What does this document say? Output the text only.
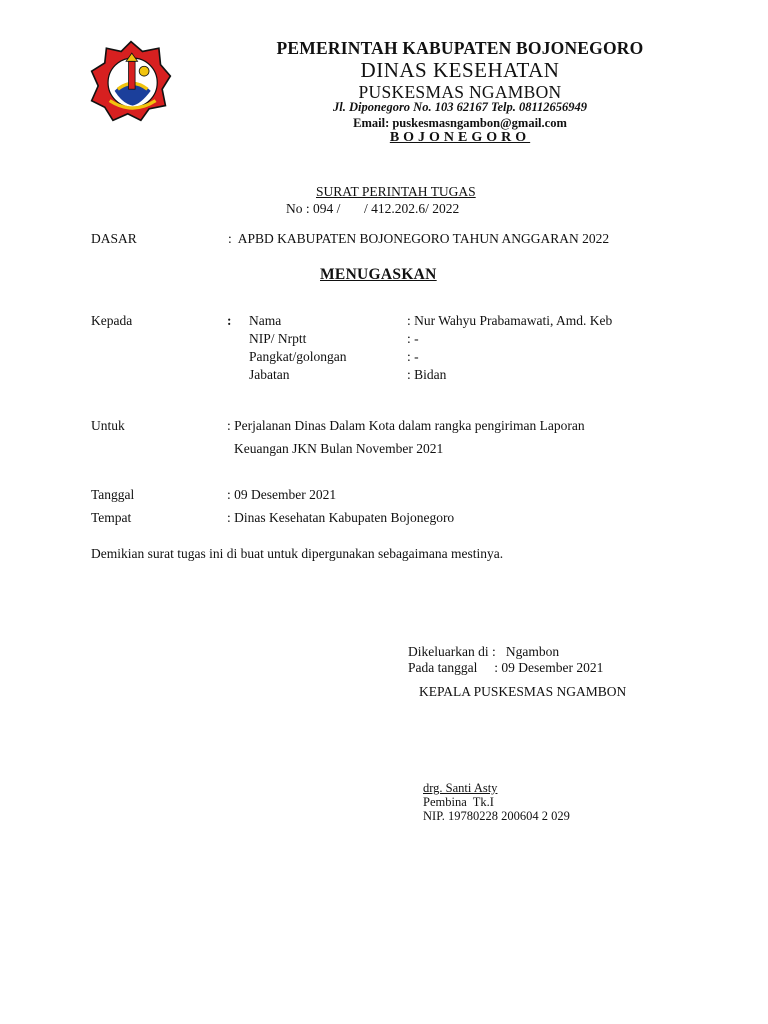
PEMERINTAH KABUPATEN BOJONEGORO
DINAS KESEHATAN
PUSKESMAS NGAMBON
Jl. Diponegoro No. 103 62167 Telp. 08112656949
Email: puskesmasngambon@gmail.com
BOJONEGORO
SURAT PERINTAH TUGAS
No : 094 /       / 412.202.6/ 2022
DASAR	:  APBD KABUPATEN BOJONEGORO TAHUN ANGGARAN 2022
MENUGASKAN
Kepada	: Nama	: Nur Wahyu Prabamawati, Amd. Keb
NIP/ Nrptt	: -
Pangkat/golongan	: -
Jabatan	: Bidan
Untuk	: Perjalanan Dinas Dalam Kota dalam rangka pengiriman Laporan
Keuangan JKN Bulan November 2021
Tanggal	: 09 Desember 2021
Tempat	: Dinas Kesehatan Kabupaten Bojonegoro
Demikian surat tugas ini di buat untuk dipergunakan sebagaimana mestinya.
Dikeluarkan di :   Ngambon
Pada tanggal     : 09 Desember 2021
KEPALA PUSKESMAS NGAMBON
drg. Santi Asty
Pembina  Tk.I
NIP. 19780228 200604 2 029
